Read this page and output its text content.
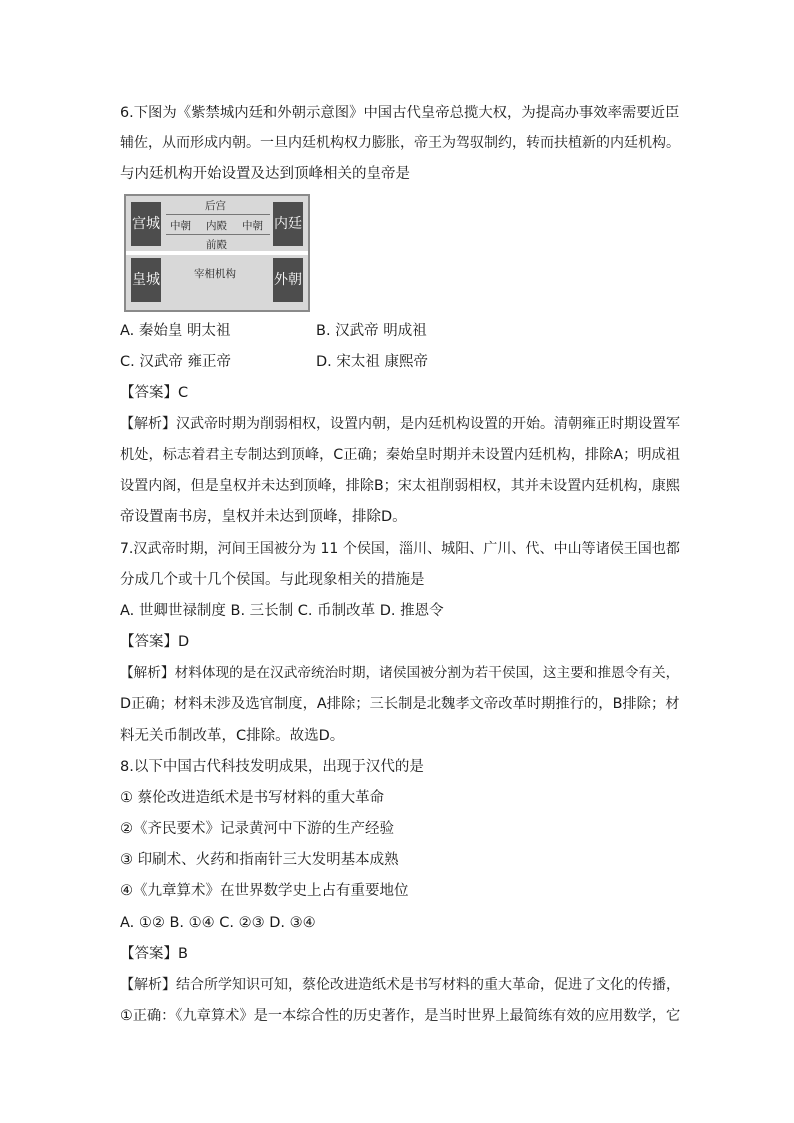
6.下图为《紫禁城内廷和外朝示意图》中国古代皇帝总揽大权，为提高办事效率需要近臣
辅佐，从而形成内朝。一旦内廷机构权力膨胀，帝王为驾驭制约，转而扶植新的内廷机构。
与内廷机构开始设置及达到顶峰相关的皇帝是
宫城	内廷
皇城	外朝
后宫
中朝 内殿 中朝
前殿
宰相机构
A. 秦始皇 明太祖	B. 汉武帝 明成祖
C. 汉武帝 雍正帝	D. 宋太祖 康熙帝
【答案】C
【解析】汉武帝时期为削弱相权，设置内朝，是内廷机构设置的开始。清朝雍正时期设置军
机处，标志着君主专制达到顶峰，C正确；秦始皇时期并未设置内廷机构，排除A；明成祖
设置内阁，但是皇权并未达到顶峰，排除B；宋太祖削弱相权，其并未设置内廷机构，康熙
帝设置南书房，皇权并未达到顶峰，排除D。
7.汉武帝时期，河间王国被分为 11 个侯国，淄川、城阳、广川、代、中山等诸侯王国也都
分成几个或十几个侯国。与此现象相关的措施是
A. 世卿世禄制度 B. 三长制 C. 币制改革 D. 推恩令
【答案】D
【解析】材料体现的是在汉武帝统治时期，诸侯国被分割为若干侯国，这主要和推恩令有关，
D正确；材料未涉及选官制度，A排除；三长制是北魏孝文帝改革时期推行的，B排除；材
料无关币制改革，C排除。故选D。
8.以下中国古代科技发明成果，出现于汉代的是
① 蔡伦改进造纸术是书写材料的重大革命
②《齐民要术》记录黄河中下游的生产经验
③ 印刷术、火药和指南针三大发明基本成熟
④《九章算术》在世界数学史上占有重要地位
A. ①② B. ①④ C. ②③ D. ③④
【答案】B
【解析】结合所学知识可知，蔡伦改进造纸术是书写材料的重大革命，促进了文化的传播，
①正确：《九章算术》是一本综合性的历史著作，是当时世界上最简练有效的应用数学，它
